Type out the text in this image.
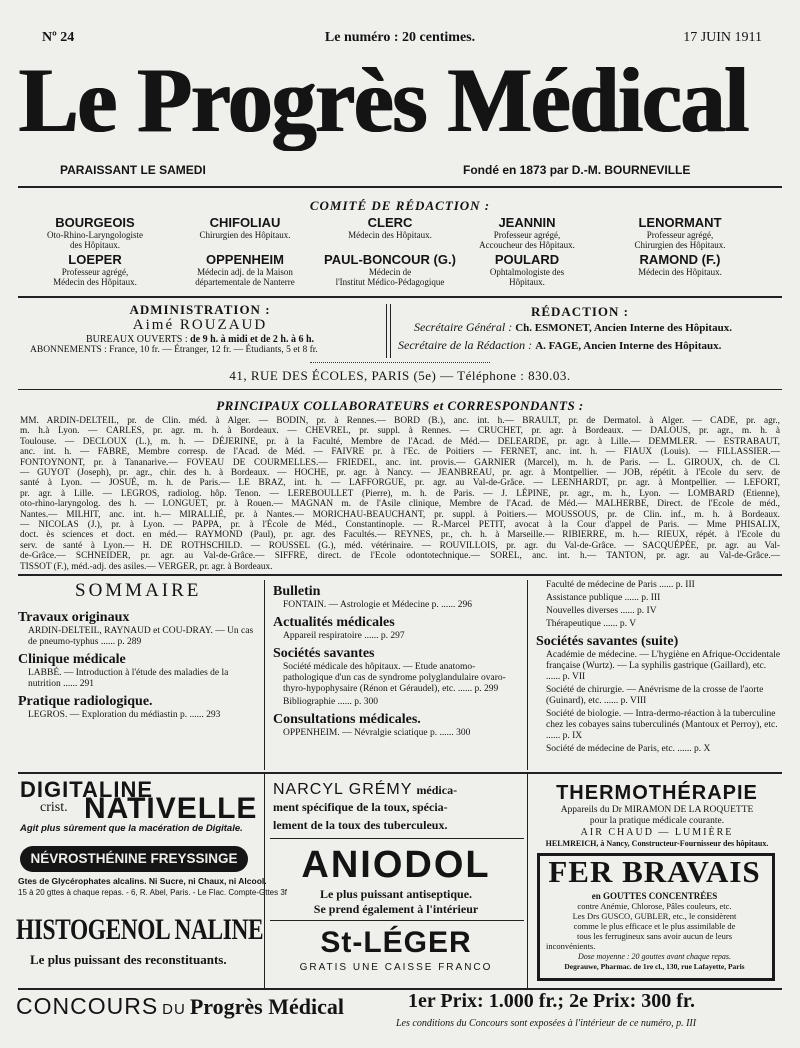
Nº 24	Le numéro : 20 centimes.	17 JUIN 1911
Le Progrès Médical
PARAISSANT LE SAMEDI	Fondé en 1873 par D.-M. BOURNEVILLE
COMITÉ DE RÉDACTION :
BOURGEOIS
Oto-Rhino-Laryngologiste
des Hôpitaux.
CHIFOLIAU
Chirurgien des Hôpitaux.
CLERC
Médecin des Hôpitaux.
JEANNIN
Professeur agrégé,
Accoucheur des Hôpitaux.
LENORMANT
Professeur agrégé,
Chirurgien des Hôpitaux.
LOEPER
Professeur agrégé,
Médecin des Hôpitaux.
OPPENHEIM
Médecin adj. de la Maison
départementale de Nanterre
PAUL-BONCOUR (G.)
Médecin de
l'Institut Médico-Pédagogique
POULARD
Ophtalmologiste des
Hôpitaux.
RAMOND (F.)
Médecin des Hôpitaux.
ADMINISTRATION :
Aimé ROUZAUD
BUREAUX OUVERTS : de 9 h. à midi et de 2 h. à 6 h.
ABONNEMENTS : France, 10 fr. — Étranger, 12 fr. — Étudiants, 5 et 8 fr.
RÉDACTION :
Secrétaire Général : Ch. ESMONET, Ancien Interne des Hôpitaux.
Secrétaire de la Rédaction : A. FAGE, Ancien Interne des Hôpitaux.
41, RUE DES ÉCOLES, PARIS (5e) — Téléphone : 830.03.
PRINCIPAUX COLLABORATEURS et CORRESPONDANTS :
MM. ARDIN-DELTEIL, pr. de Clin. méd. à Alger. — BODIN, pr. à Rennes.— BORD (B.), anc. int. h.— BRAULT, pr. de Dermatol. à Alger. — CADE, pr. agr.,
m. h.à Lyon. — CARLES, pr. agr. m. h. à Bordeaux. — CHEVREL, pr. suppl. à Rennes. — CRUCHET, pr. agr. à Bordeaux. — DALOUS, pr. agr., m. h. à
Toulouse. — DECLOUX (L.), m. h. — DÉJERINE, pr. à la Faculté, Membre de l'Acad. de Méd.— DELEARDE, pr. agr. à Lille.— DEMMLER. — ESTRABAUT,
anc. int. h. — FABRE, Membre corresp. de l'Acad. de Méd. — FAIVRE pr. à l'Ec. de Poitiers — FERNET, anc. int. h. — FIAUX (Louis). — FILLASSIER.—
FONTOYNONT, pr. à Tananarive.— FOVEAU DE COURMELLES.— FRIEDEL, anc. int. provis.— GARNIER (Marcel), m. h. de Paris. — L. GIROUX, ch. de Cl.
— GUYOT (Joseph), pr. agr., chir. des h. à Bordeaux. — HOCHE, pr. agr. à Nancy. — JEANBREAU, pr. agr. à Montpellier. — JOB, répétit. à l'Ecole du serv. de
santé à Lyon. — JOSUÉ, m. h. de Paris.— LE BRAZ, int. h. — LAFFORGUE, pr. agr. au Val-de-Grâce. — LEENHARDT, pr. agr. à Montpellier. — LEFORT,
pr. agr. à Lille. — LEGROS, radiolog. hôp. Tenon. — LEREBOULLET (Pierre), m. h. de Paris. — J. LÉPINE, pr. agr., m. h., Lyon. — LOMBARD (Etienne),
oto-rhino-laryngolog. des h. — LONGUET, pr. à Rouen.— MAGNAN m. de l'Asile clinique, Membre de l'Acad. de Méd.— MALHERBE, Direct. de l'Ecole de méd.,
Nantes.— MILHIT, anc. int. h.— MIRALLIÉ, pr. à Nantes.— MORICHAU-BEAUCHANT, pr. suppl. à Poitiers.— MOUSSOUS, pr. de Clin. inf., m. h. à Bordeaux.
— NICOLAS (J.), pr. à Lyon. — PAPPA, pr. à l'École de Méd., Constantinople. — R.-Marcel PETIT, avocat à la Cour d'appel de Paris. — Mme PHISALIX,
doct. ès sciences et doct. en méd.— RAYMOND (Paul), pr. agr. des Facultés.— REYNES, pr., ch. h. à Marseille.— RIBIERRE, m. h.— RIEUX, répét. à l'Ecole du
serv. de santé à Lyon.— H. DE ROTHSCHILD. — ROUSSEL (G.), méd. vétérinaire. — ROUVILLOIS, pr. agr. du Val-de-Grâce. — SACQUÉPÉE, pr. agr. au Val-
de-Grâce.— SCHNEIDER, pr. agr. au Val-de-Grâce.— SIFFRE, direct. de l'Ecole odontotechnique.— SOREL, anc. int. h.— TANTON, pr. agr. au Val-de-Grâce.—
TISSOT (F.), méd.-adj. des asiles.— VERGER, pr. agr. à Bordeaux.
SOMMAIRE
Travaux originaux
ARDIN-DELTEIL, RAYNAUD et COU-DRAY. — Un cas de pneumo-typhus ...... p. 289
Clinique médicale
LABBÉ. — Introduction à l'étude des maladies de la nutrition ...... 291
Pratique radiologique.
LEGROS. — Exploration du médiastin p. ...... 293
Bulletin
FONTAIN. — Astrologie et Médecine p. ...... 296
Actualités médicales
Appareil respiratoire ...... p. 297
Sociétés savantes
Société médicale des hôpitaux. — Etude anatomo-pathologique d'un cas de syndrome polyglandulaire ovaro-thyro-hypophysaire (Rénon et Géraudel), etc. ...... p. 299
Bibliographie ...... p. 300
Consultations médicales.
OPPENHEIM. — Névralgie sciatique p. ...... 300
Faculté de médecine de Paris ...... p. III
Assistance publique ...... p. III
Nouvelles diverses ...... p. IV
Thérapeutique ...... p. V
Sociétés savantes (suite)
Académie de médecine. — L'hygiène en Afrique-Occidentale française (Wurtz). — La syphilis gastrique (Gaillard), etc. ...... p. VII
Société de chirurgie. — Anévrisme de la crosse de l'aorte (Guinard), etc. ...... p. VIII
Société de biologie. — Intra-dermo-réaction à la tuberculine chez les cobayes sains tuberculinés (Mantoux et Perroy), etc. ...... p. IX
Société de médecine de Paris, etc. ...... p. X
DIGITALINE
crist. NATIVELLE
Agit plus sûrement que la macération de Digitale.
NÉVROSTHÉNINE FREYSSINGE
Gtes de Glycérophates alcalins. Ni Sucre, ni Chaux, ni Alcool.
15 à 20 gttes à chaque repas. - 6, R. Abel, Paris. - Le Flac. Compte-Gttes 3f
HISTOGENOL NALINE
Le plus puissant des reconstituants.
NARCYL GRÉMY médica-
ment spécifique de la toux, spécia-
lement de la toux des tuberculeux.
ANIODOL
Le plus puissant antiseptique.
Se prend également à l'intérieur
St-LÉGER
GRATIS UNE CAISSE FRANCO
THERMOTHÉRAPIE
Appareils du Dr MIRAMON DE LA ROQUETTE
pour la pratique médicale courante.
AIR CHAUD — LUMIÈRE
HELMREICH, à Nancy, Constructeur-Fournisseur des hôpitaux.
FER BRAVAIS
en GOUTTES CONCENTRÉES
contre Anémie, Chlorose, Pâles couleurs, etc.
Les Drs GUSCO, GUBLER, etc., le considèrent
comme le plus efficace et le plus assimilable de
tous les ferrugineux sans avoir aucun de leurs
inconvénients.
Dose moyenne : 20 gouttes avant chaque repas.
Degrauwe, Pharmac. de 1re cl., 130, rue Lafayette, Paris
CONCOURS DU Progrès Médical	1er Prix: 1.000 fr.; 2e Prix: 300 fr.
Les conditions du Concours sont exposées à l'intérieur de ce numéro, p. III
